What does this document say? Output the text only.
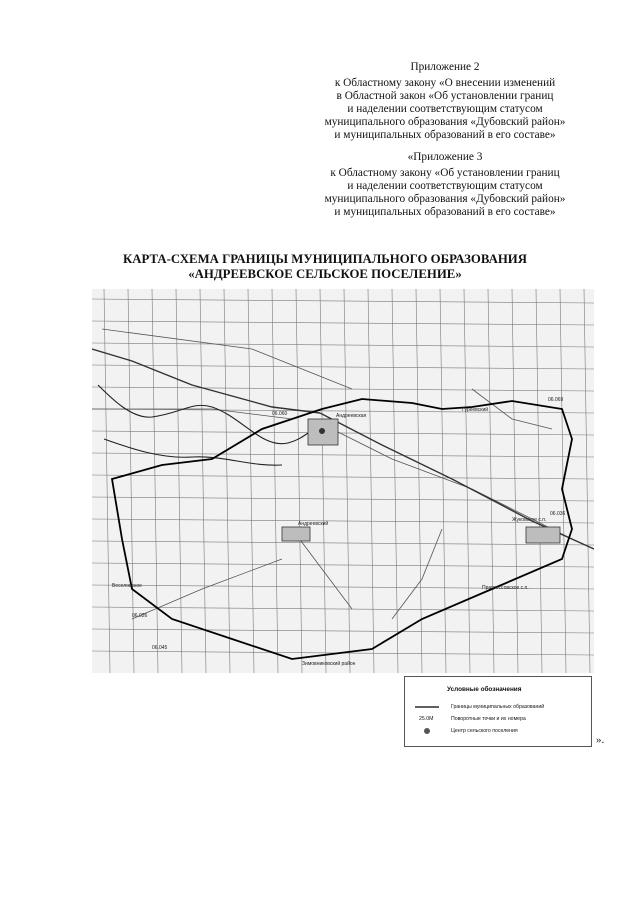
Приложение 2
к Областному закону «О внесении изменений
в Областной закон «Об установлении границ
и наделении соответствующим статусом
муниципального образования «Дубовский район»
и муниципальных образований в его составе»
«Приложение 3
к Областному закону «Об установлении границ
и наделении соответствующим статусом
муниципального образования «Дубовский район»
и муниципальных образований в его составе»
КАРТА-СХЕМА ГРАНИЦЫ МУНИЦИПАЛЬНОГО ОБРАЗОВАНИЯ
«АНДРЕЕВСКОЕ СЕЛЬСКОЕ ПОСЕЛЕНИЕ»
Андреевская
Гуреевский
Андреевский
Зимовниковский район
Жуковское с.п.
Прагрессовское с.п.
Веселовское
06.026
06.045
06.060
06.069
06.036
Условные обозначения
Границы муниципальных образований
25.0М	Поворотные точки и их номера
Центр сельского поселения
».
